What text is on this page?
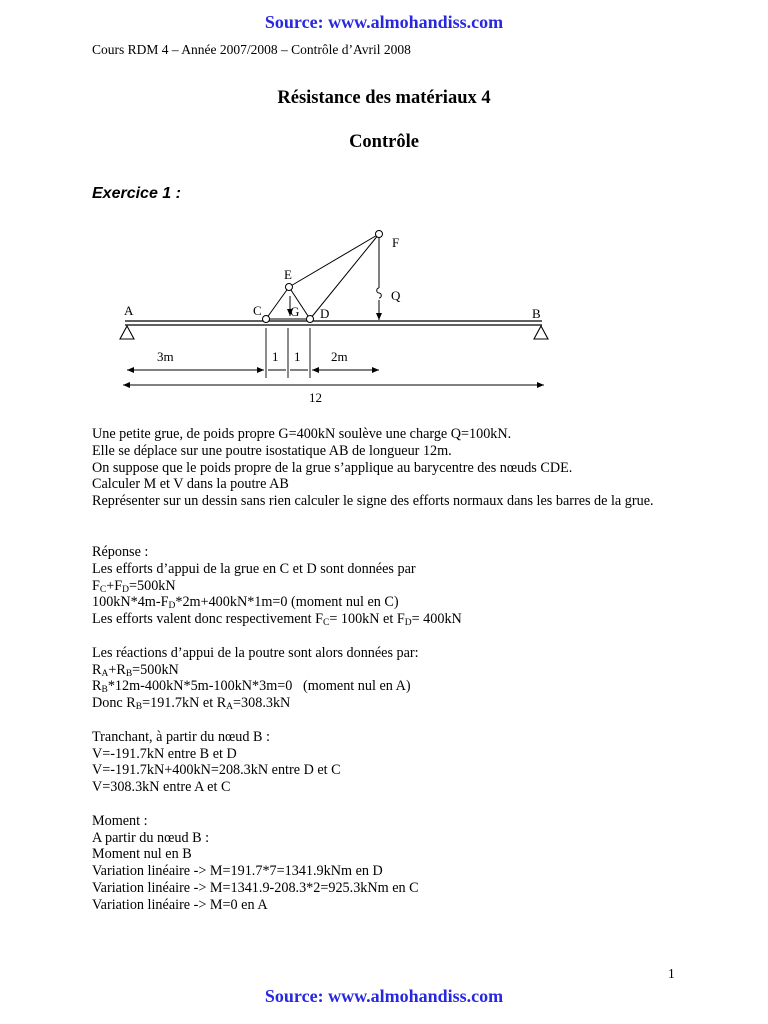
Source: www.almohandiss.com
Cours RDM 4 – Année 2007/2008 – Contrôle d’Avril 2008
Résistance des matériaux 4
Contrôle
Exercice 1 :
A	B
C G D
E
F
Q
3m	1 1 2m
12
Une petite grue, de poids propre G=400kN soulève une charge Q=100kN.
Elle se déplace sur une poutre isostatique AB de longueur 12m.
On suppose que le poids propre de la grue s’applique au barycentre des nœuds CDE.
Calculer M et V dans la poutre AB
Représenter sur un dessin sans rien calculer le signe des efforts normaux dans les barres de la grue.
Réponse :
Les efforts d’appui de la grue en C et D sont données par
$F_C+F_D=500kN$
$100kN*4m-F_D*2m+400kN*1m=0$ (moment nul en C)
Les efforts valent donc respectivement $F_C= 100kN$ et $F_D= 400kN$
Les réactions d’appui de la poutre sont alors données par:
$R_A+R_B=500kN$
$R_B*12m-400kN*5m-100kN*3m=0$   (moment nul en A)
Donc $R_B=191.7kN$ et $R_A=308.3kN$
Tranchant, à partir du nœud B :
V=-191.7kN entre B et D
V=-191.7kN+400kN=208.3kN entre D et C
V=308.3kN entre A et C
Moment :
A partir du nœud B :
Moment nul en B
Variation linéaire -> M=191.7*7=1341.9kNm en D
Variation linéaire -> M=1341.9-208.3*2=925.3kNm en C
Variation linéaire -> M=0 en A
1
Source: www.almohandiss.com
